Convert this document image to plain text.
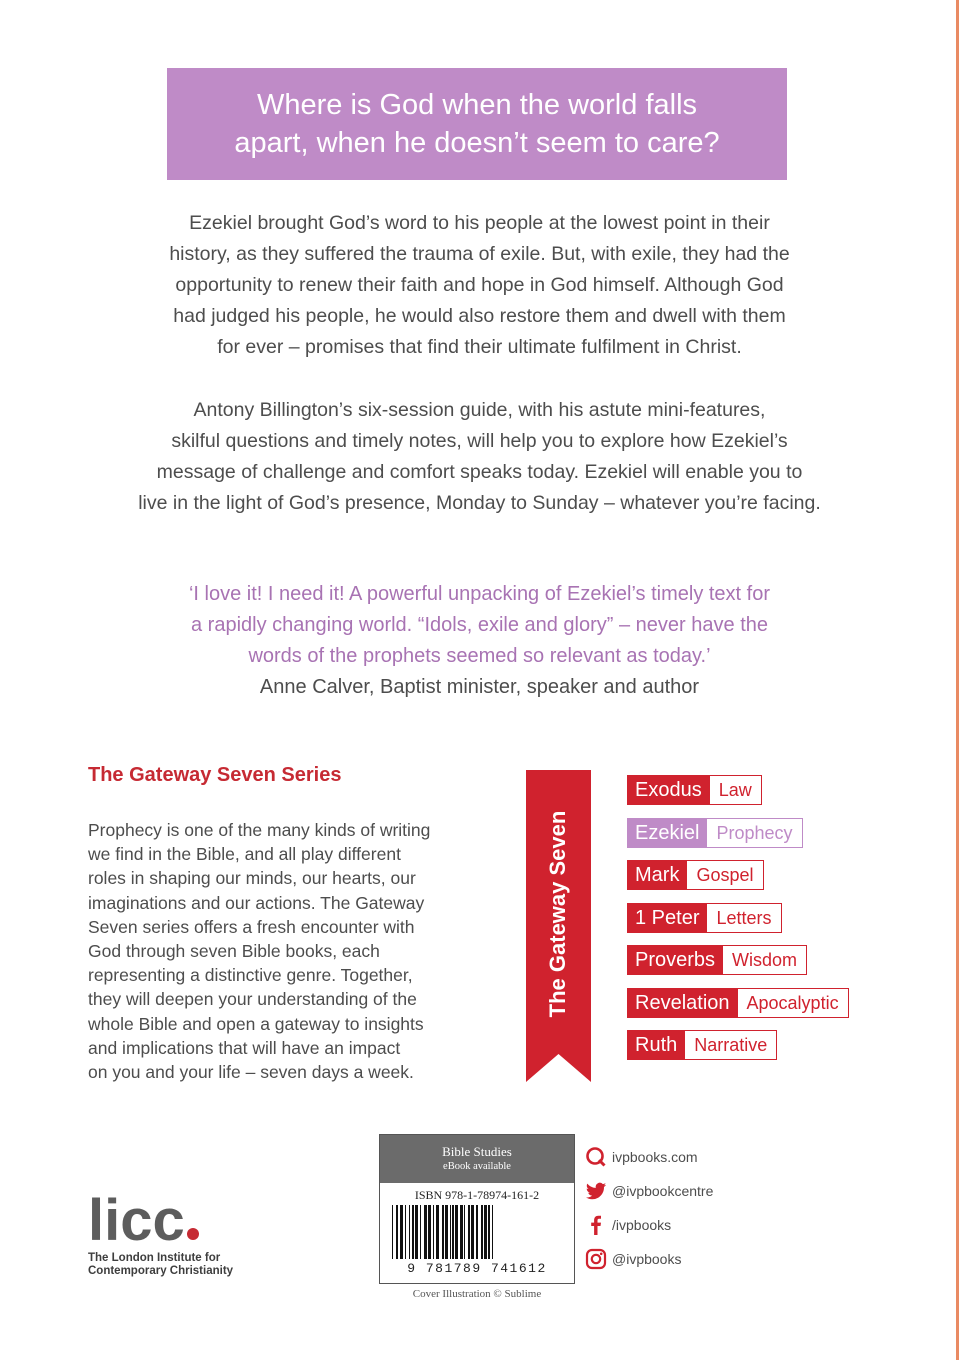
Where is God when the world falls
apart, when he doesn’t seem to care?
Ezekiel brought God’s word to his people at the lowest point in their
history, as they suffered the trauma of exile. But, with exile, they had the
opportunity to renew their faith and hope in God himself. Although God
had judged his people, he would also restore them and dwell with them
for ever – promises that find their ultimate fulfilment in Christ.
Antony Billington’s six-session guide, with his astute mini-features,
skilful questions and timely notes, will help you to explore how Ezekiel’s
message of challenge and comfort speaks today. Ezekiel will enable you to
live in the light of God’s presence, Monday to Sunday – whatever you’re facing.
‘I love it! I need it! A powerful unpacking of Ezekiel’s timely text for
a rapidly changing world. “Idols, exile and glory” – never have the
words of the prophets seemed so relevant as today.’
Anne Calver, Baptist minister, speaker and author
The Gateway Seven Series
Prophecy is one of the many kinds of writing
we find in the Bible, and all play different
roles in shaping our minds, our hearts, our
imaginations and our actions. The Gateway
Seven series offers a fresh encounter with
God through seven Bible books, each
representing a distinctive genre. Together,
they will deepen your understanding of the
whole Bible and open a gateway to insights
and implications that will have an impact
on you and your life – seven days a week.
The Gateway Seven
Exodus Law
Ezekiel Prophecy
Mark Gospel
1 Peter Letters
Proverbs Wisdom
Revelation Apocalyptic
Ruth Narrative
licc
The London Institute for
Contemporary Christianity
Bible Studies
eBook available
ISBN 978-1-78974-161-2
9 781789 741612
Cover Illustration © Sublime
ivpbooks.com
@ivpbookcentre
/ivpbooks
@ivpbooks
